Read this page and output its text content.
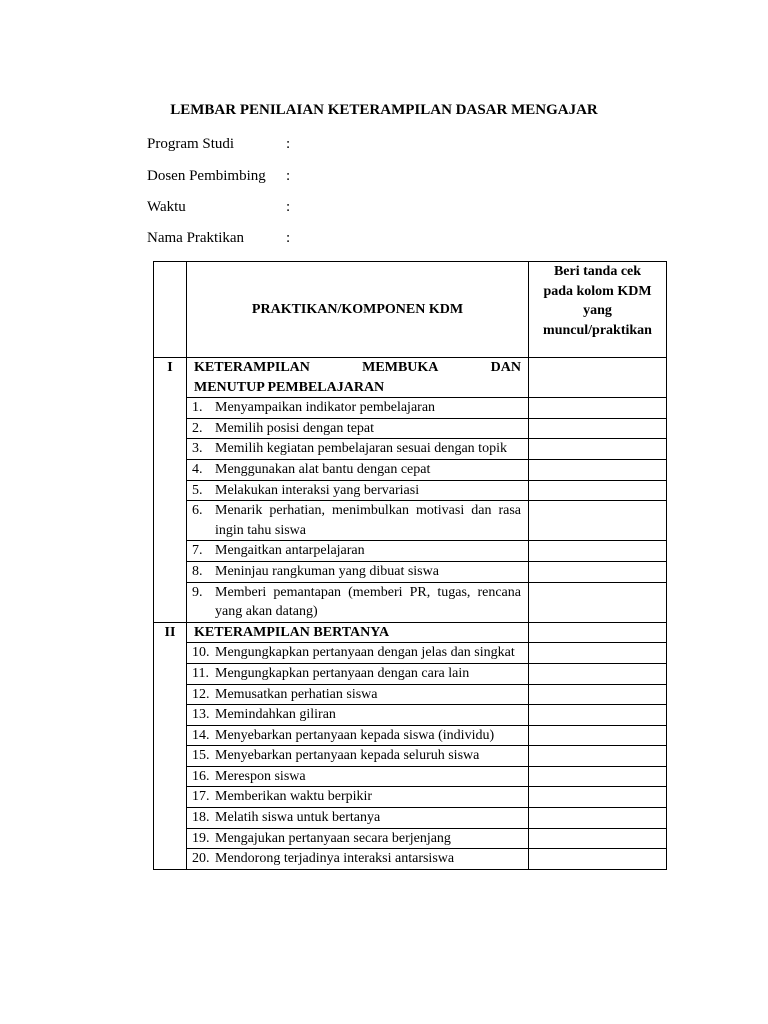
LEMBAR PENILAIAN KETERAMPILAN DASAR MENGAJAR
Program Studi	:
Dosen Pembimbing :
Waktu	:
Nama Praktikan	:
	PRAKTIKAN/KOMPONEN KDM	Beri tanda cek
pada kolom KDM
yang
muncul/praktikan

I	KETERAMPILAN MEMBUKA DAN
MENUTUP PEMBELAJARAN	

	1. Menyampaikan indikator pembelajaran	

	2. Memilih posisi dengan tepat	

	3. Memilih kegiatan pembelajaran sesuai dengan topik	

	4. Menggunakan alat bantu dengan cepat	

	5. Melakukan interaksi yang bervariasi	

	6. Menarik perhatian, menimbulkan motivasi dan rasa ingin tahu siswa	

	7. Mengaitkan antarpelajaran	

	8. Meninjau rangkuman yang dibuat siswa	

	9. Memberi pemantapan (memberi PR, tugas, rencana yang akan datang)	

II	KETERAMPILAN BERTANYA	

	10. Mengungkapkan pertanyaan dengan jelas dan singkat	

	11. Mengungkapkan pertanyaan dengan cara lain	

	12. Memusatkan perhatian siswa	

	13. Memindahkan giliran	

	14. Menyebarkan pertanyaan kepada siswa (individu)	

	15. Menyebarkan pertanyaan kepada seluruh siswa	

	16. Merespon siswa	

	17. Memberikan waktu berpikir	

	18. Melatih siswa untuk bertanya	

	19. Mengajukan pertanyaan secara berjenjang	

	20. Mendorong terjadinya interaksi antarsiswa	
